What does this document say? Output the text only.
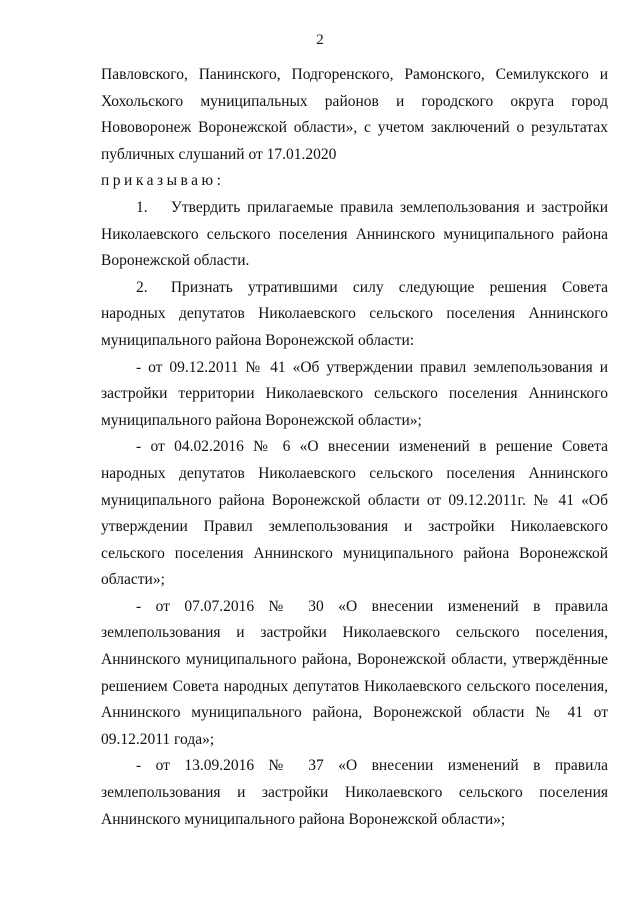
2

Павловского, Панинского, Подгоренского, Рамонского, Семилукского и Хохольского муниципальных районов и городского округа город Нововоронеж Воронежской области», с учетом заключений о результатах публичных слушаний от 17.01.2020

приказываю:

1.  Утвердить прилагаемые правила землепользования и застройки Николаевского сельского поселения Аннинского муниципального района Воронежской области.

2.  Признать утратившими силу следующие решения Совета народных депутатов Николаевского сельского поселения Аннинского муниципального района Воронежской области:

- от 09.12.2011 № 41 «Об утверждении правил землепользования и застройки территории Николаевского сельского поселения Аннинского муниципального района Воронежской области»;

- от 04.02.2016 № 6 «О внесении изменений в решение Совета народных депутатов Николаевского сельского поселения Аннинского муниципального района Воронежской области от 09.12.2011г. № 41 «Об утверждении Правил землепользования и застройки Николаевского сельского поселения Аннинского муниципального района Воронежской области»;

- от 07.07.2016 № 30 «О внесении изменений в правила землепользования и застройки Николаевского сельского поселения, Аннинского муниципального района, Воронежской области, утверждённые решением Совета народных депутатов Николаевского сельского поселения, Аннинского муниципального района, Воронежской области № 41 от 09.12.2011 года»;

- от 13.09.2016 № 37 «О внесении изменений в правила землепользования и застройки Николаевского сельского поселения Аннинского муниципального района Воронежской области»;
